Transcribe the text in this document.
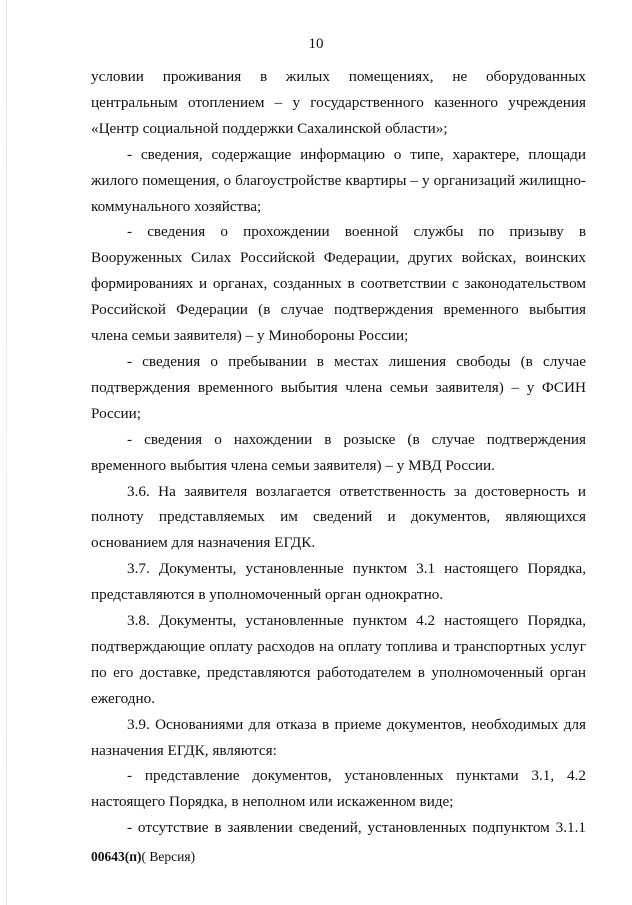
10

условии проживания в жилых помещениях, не оборудованных центральным отоплением – у государственного казенного учреждения «Центр социальной поддержки Сахалинской области»;

- сведения, содержащие информацию о типе, характере, площади жилого помещения, о благоустройстве квартиры – у организаций жилищно-коммунального хозяйства;

- сведения о прохождении военной службы по призыву в Вооруженных Силах Российской Федерации, других войсках, воинских формированиях и органах, созданных в соответствии с законодательством Российской Федерации (в случае подтверждения временного выбытия члена семьи заявителя) – у Минобороны России;

- сведения о пребывании в местах лишения свободы (в случае подтверждения временного выбытия члена семьи заявителя) – у ФСИН России;

- сведения о нахождении в розыске (в случае подтверждения временного выбытия члена семьи заявителя) – у МВД России.

3.6. На заявителя возлагается ответственность за достоверность и полноту представляемых им сведений и документов, являющихся основанием для назначения ЕГДК.

3.7. Документы, установленные пунктом 3.1 настоящего Порядка, представляются в уполномоченный орган однократно.

3.8. Документы, установленные пунктом 4.2 настоящего Порядка, подтверждающие оплату расходов на оплату топлива и транспортных услуг по его доставке, представляются работодателем в уполномоченный орган ежегодно.

3.9. Основаниями для отказа в приеме документов, необходимых для назначения ЕГДК, являются:

- представление документов, установленных пунктами 3.1, 4.2 настоящего Порядка, в неполном или искаженном виде;

- отсутствие в заявлении сведений, установленных подпунктом 3.1.1

00643(п)( Версия)
